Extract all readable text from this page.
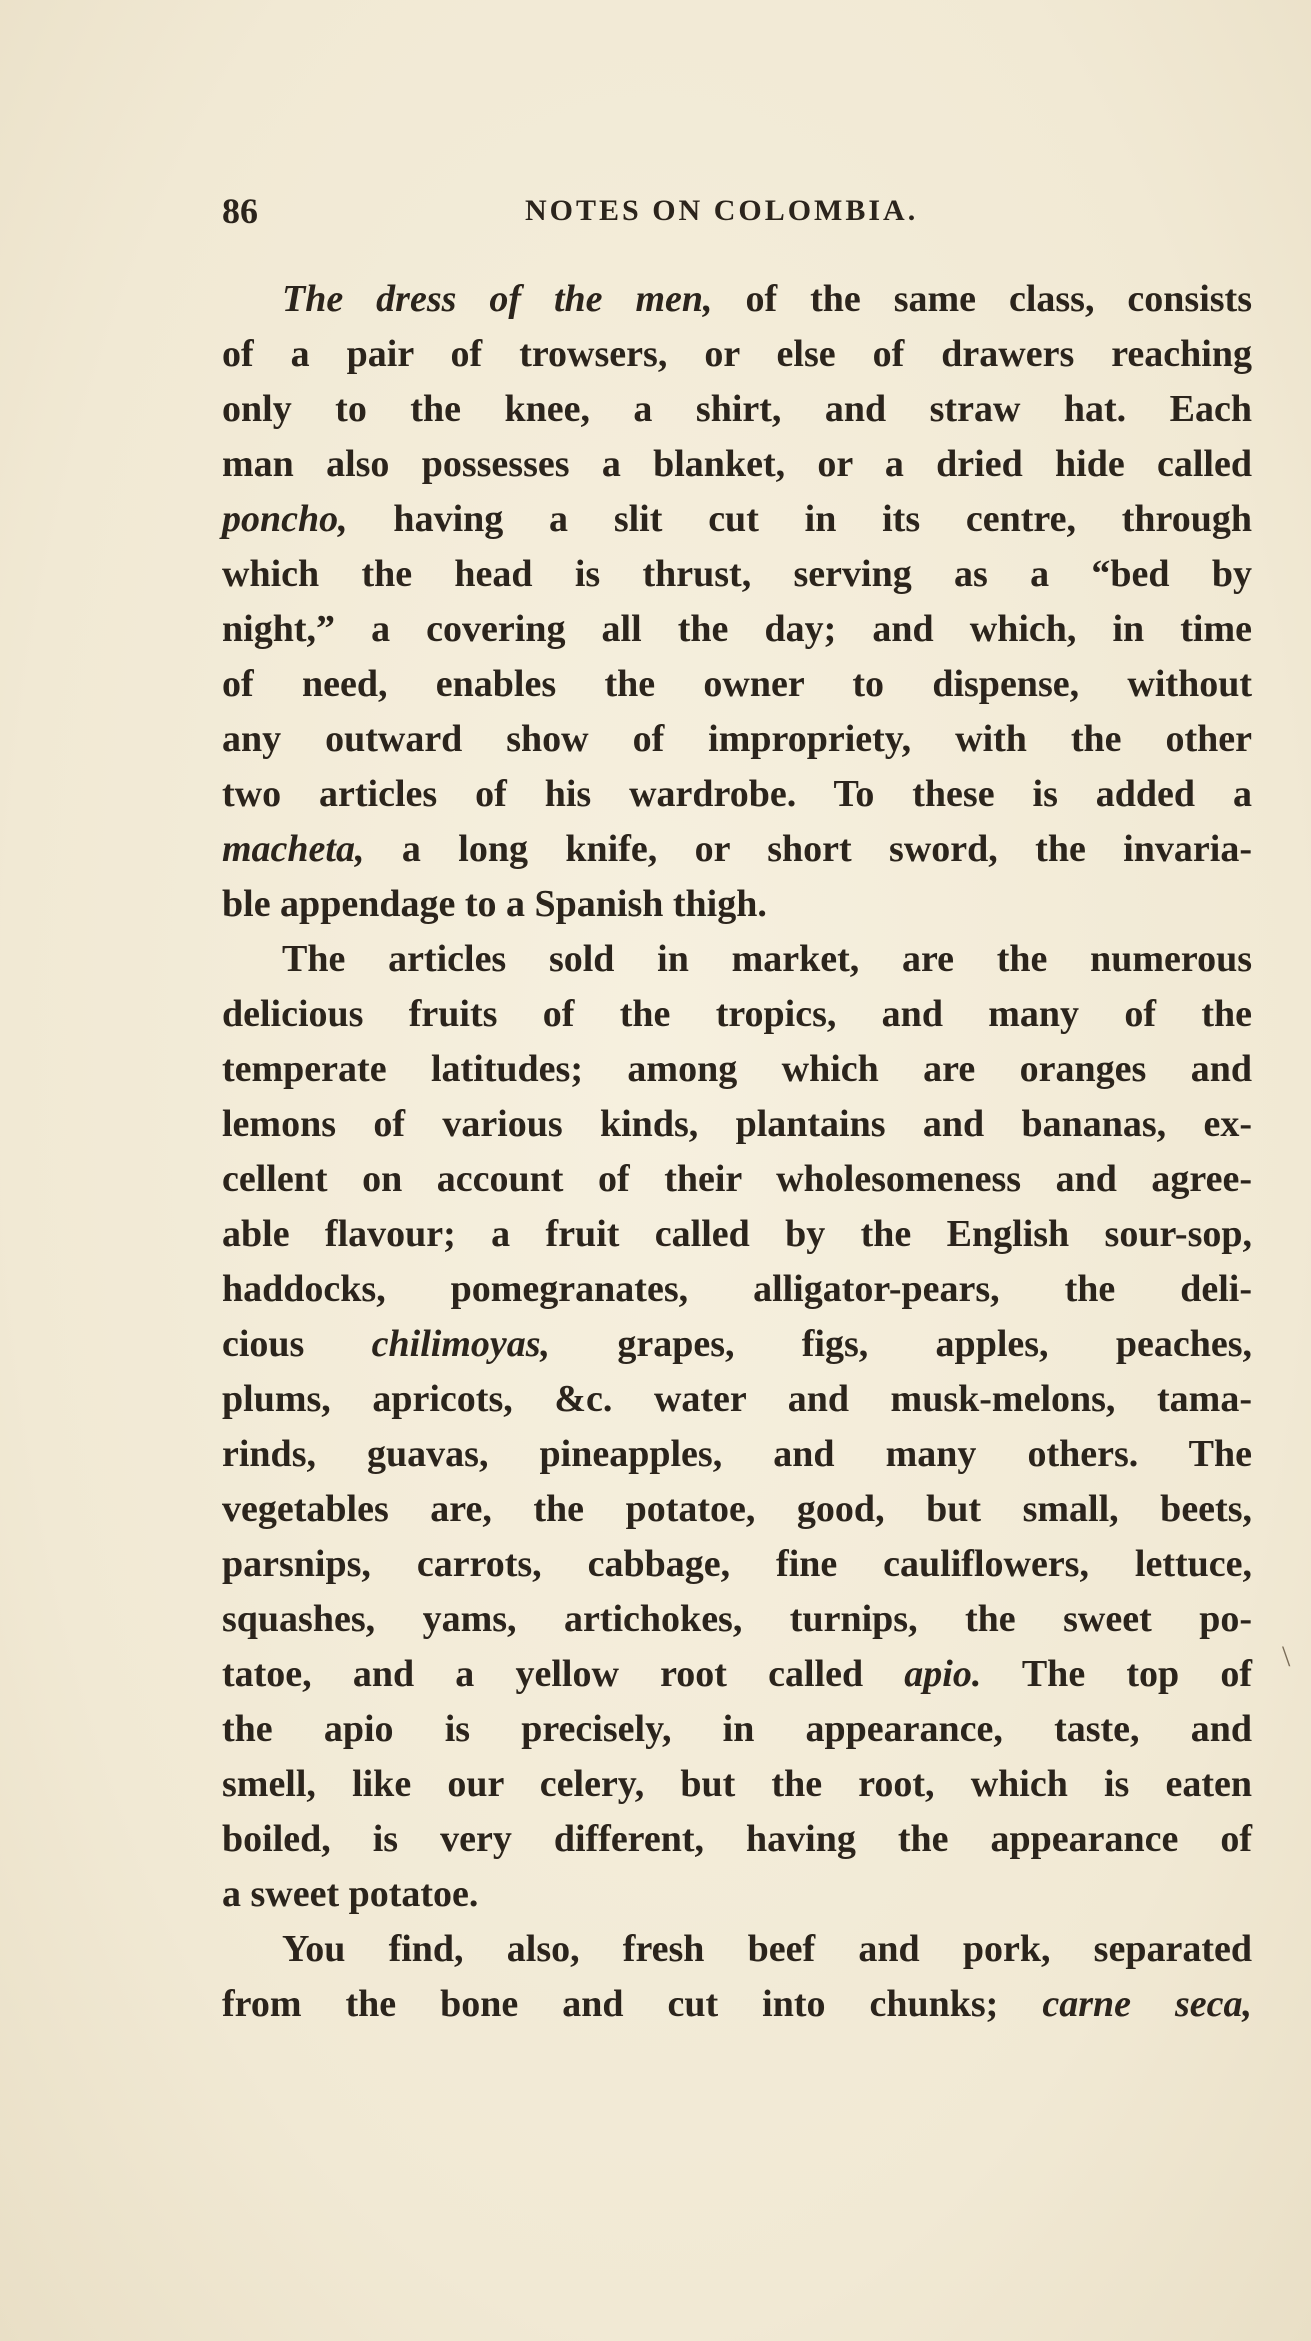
86	NOTES ON COLOMBIA.
The dress of the men, of the same class, consists
of a pair of trowsers, or else of drawers reaching
only to the knee, a shirt, and straw hat. Each
man also possesses a blanket, or a dried hide called
poncho, having a slit cut in its centre, through
which the head is thrust, serving as a “bed by
night,” a covering all the day; and which, in time
of need, enables the owner to dispense, without
any outward show of impropriety, with the other
two articles of his wardrobe. To these is added a
macheta, a long knife, or short sword, the invaria-
ble appendage to a Spanish thigh.
The articles sold in market, are the numerous
delicious fruits of the tropics, and many of the
temperate latitudes; among which are oranges and
lemons of various kinds, plantains and bananas, ex-
cellent on account of their wholesomeness and agree-
able flavour; a fruit called by the English sour-sop,
haddocks, pomegranates, alligator-pears, the deli-
cious chilimoyas, grapes, figs, apples, peaches,
plums, apricots, &c. water and musk-melons, tama-
rinds, guavas, pineapples, and many others. The
vegetables are, the potatoe, good, but small, beets,
parsnips, carrots, cabbage, fine cauliflowers, lettuce,
squashes, yams, artichokes, turnips, the sweet po-
tatoe, and a yellow root called apio. The top of
the apio is precisely, in appearance, taste, and
smell, like our celery, but the root, which is eaten
boiled, is very different, having the appearance of
a sweet potatoe.
You find, also, fresh beef and pork, separated
from the bone and cut into chunks; carne seca,
\
